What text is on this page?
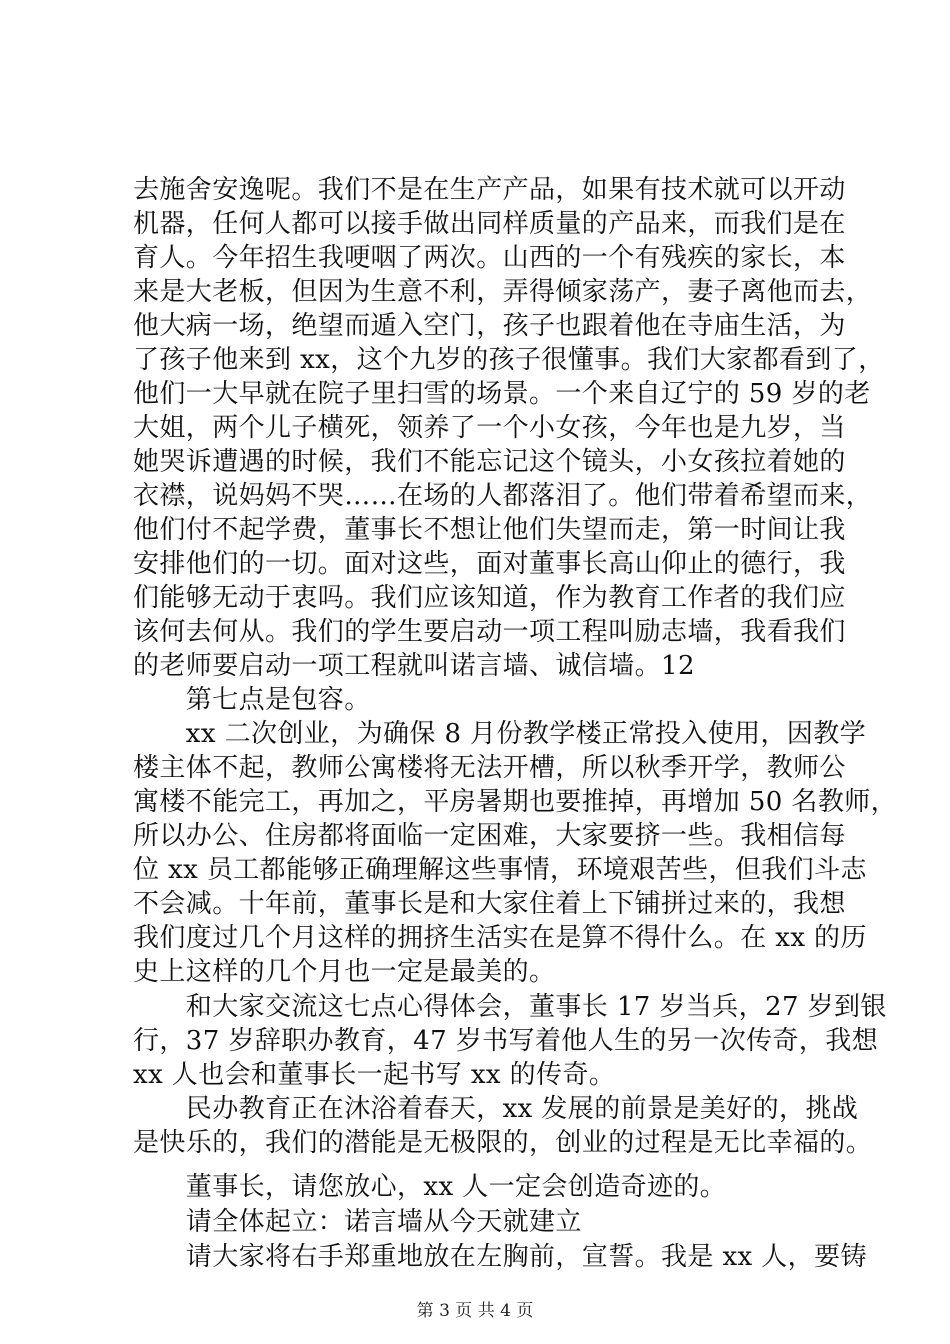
去施舍安逸呢。我们不是在生产产品，如果有技术就可以开动
机器，任何人都可以接手做出同样质量的产品来，而我们是在
育人。今年招生我哽咽了两次。山西的一个有残疾的家长，本
来是大老板，但因为生意不利，弄得倾家荡产，妻子离他而去，
他大病一场，绝望而遁入空门，孩子也跟着他在寺庙生活，为
了孩子他来到 xx，这个九岁的孩子很懂事。我们大家都看到了，
他们一大早就在院子里扫雪的场景。一个来自辽宁的 59 岁的老
大姐，两个儿子横死，领养了一个小女孩，今年也是九岁，当
她哭诉遭遇的时候，我们不能忘记这个镜头，小女孩拉着她的
衣襟，说妈妈不哭……在场的人都落泪了。他们带着希望而来，
他们付不起学费，董事长不想让他们失望而走，第一时间让我
安排他们的一切。面对这些，面对董事长高山仰止的德行，我
们能够无动于衷吗。我们应该知道，作为教育工作者的我们应
该何去何从。我们的学生要启动一项工程叫励志墙，我看我们
的老师要启动一项工程就叫诺言墙、诚信墙。12
　　第七点是包容。
　　xx 二次创业，为确保 8 月份教学楼正常投入使用，因教学
楼主体不起，教师公寓楼将无法开槽，所以秋季开学，教师公
寓楼不能完工，再加之，平房暑期也要推掉，再增加 50 名教师，
所以办公、住房都将面临一定困难，大家要挤一些。我相信每
位 xx 员工都能够正确理解这些事情，环境艰苦些，但我们斗志
不会减。十年前，董事长是和大家住着上下铺拼过来的，我想
我们度过几个月这样的拥挤生活实在是算不得什么。在 xx 的历
史上这样的几个月也一定是最美的。
　　和大家交流这七点心得体会，董事长 17 岁当兵，27 岁到银
行，37 岁辞职办教育，47 岁书写着他人生的另一次传奇，我想
xx 人也会和董事长一起书写 xx 的传奇。
　　民办教育正在沐浴着春天，xx 发展的前景是美好的，挑战
是快乐的，我们的潜能是无极限的，创业的过程是无比幸福的。
　　董事长，请您放心，xx 人一定会创造奇迹的。
　　请全体起立：诺言墙从今天就建立
　　请大家将右手郑重地放在左胸前，宣誓。我是 xx 人，要铸
第 3 页 共 4 页
